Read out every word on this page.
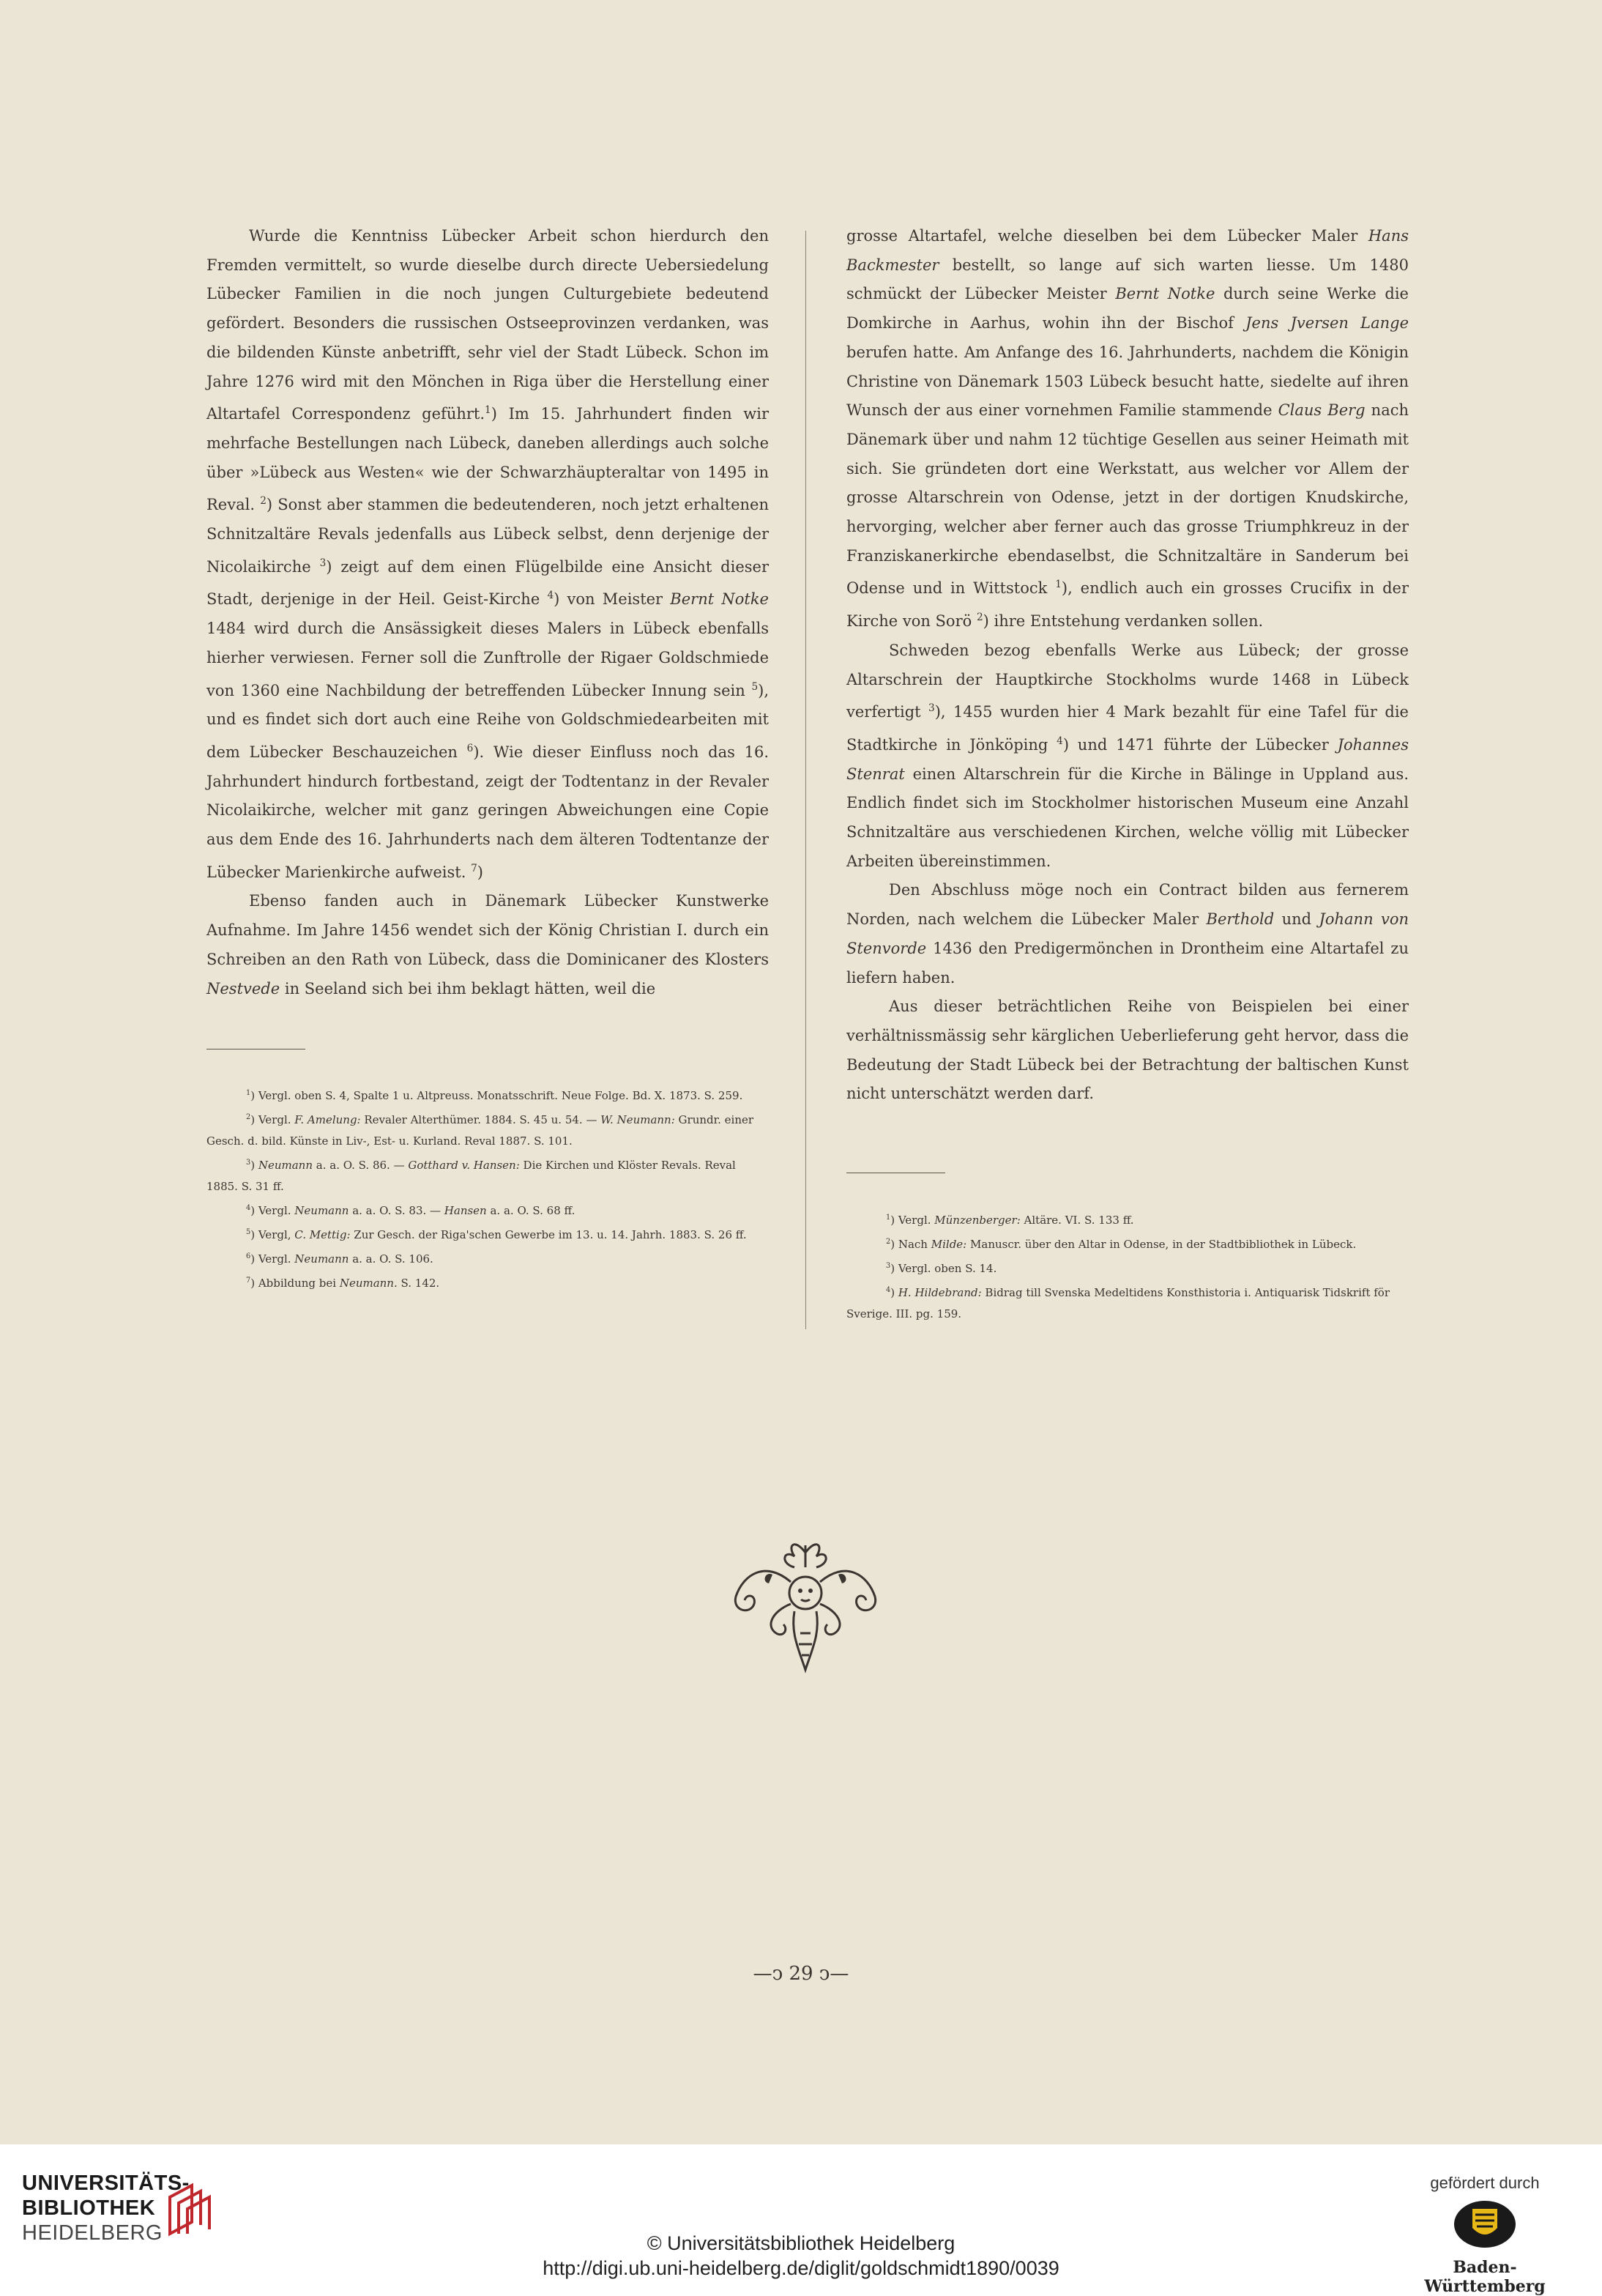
Wurde die Kenntniss Lübecker Arbeit schon hierdurch den Fremden vermittelt, so wurde dieselbe durch directe Uebersiedelung Lübecker Familien in die noch jungen Culturgebiete bedeutend gefördert. Besonders die russischen Ostseeprovinzen verdanken, was die bildenden Künste anbetrifft, sehr viel der Stadt Lübeck. Schon im Jahre 1276 wird mit den Mönchen in Riga über die Herstellung einer Altartafel Correspondenz geführt.$^1$) Im 15. Jahrhundert finden wir mehrfache Bestellungen nach Lübeck, daneben allerdings auch solche über »Lübeck aus Westen« wie der Schwarzhäupteraltar von 1495 in Reval. $^2$) Sonst aber stammen die bedeutenderen, noch jetzt erhaltenen Schnitzaltäre Revals jedenfalls aus Lübeck selbst, denn derjenige der Nicolaikirche $^3$) zeigt auf dem einen Flügelbilde eine Ansicht dieser Stadt, derjenige in der Heil. Geist-Kirche $^4$) von Meister Bernt Notke 1484 wird durch die Ansässigkeit dieses Malers in Lübeck ebenfalls hierher verwiesen. Ferner soll die Zunftrolle der Rigaer Goldschmiede von 1360 eine Nachbildung der betreffenden Lübecker Innung sein $^5$), und es findet sich dort auch eine Reihe von Goldschmiedearbeiten mit dem Lübecker Beschauzeichen $^6$). Wie dieser Einfluss noch das 16. Jahrhundert hindurch fortbestand, zeigt der Todtentanz in der Revaler Nicolaikirche, welcher mit ganz geringen Abweichungen eine Copie aus dem Ende des 16. Jahrhunderts nach dem älteren Todtentanze der Lübecker Marienkirche aufweist. $^7$)

Ebenso fanden auch in Dänemark Lübecker Kunstwerke Aufnahme. Im Jahre 1456 wendet sich der König Christian I. durch ein Schreiben an den Rath von Lübeck, dass die Dominicaner des Klosters Nestvede in Seeland sich bei ihm beklagt hätten, weil die

grosse Altartafel, welche dieselben bei dem Lübecker Maler Hans Backmester bestellt, so lange auf sich warten liesse. Um 1480 schmückt der Lübecker Meister Bernt Notke durch seine Werke die Domkirche in Aarhus, wohin ihn der Bischof Jens Jversen Lange berufen hatte. Am Anfange des 16. Jahrhunderts, nachdem die Königin Christine von Dänemark 1503 Lübeck besucht hatte, siedelte auf ihren Wunsch der aus einer vornehmen Familie stammende Claus Berg nach Dänemark über und nahm 12 tüchtige Gesellen aus seiner Heimath mit sich. Sie gründeten dort eine Werkstatt, aus welcher vor Allem der grosse Altarschrein von Odense, jetzt in der dortigen Knudskirche, hervorging, welcher aber ferner auch das grosse Triumphkreuz in der Franziskanerkirche ebendaselbst, die Schnitzaltäre in Sanderum bei Odense und in Wittstock $^1$), endlich auch ein grosses Crucifix in der Kirche von Sorö $^2$) ihre Entstehung verdanken sollen.

Schweden bezog ebenfalls Werke aus Lübeck; der grosse Altarschrein der Hauptkirche Stockholms wurde 1468 in Lübeck verfertigt $^3$), 1455 wurden hier 4 Mark bezahlt für eine Tafel für die Stadtkirche in Jönköping $^4$) und 1471 führte der Lübecker Johannes Stenrat einen Altarschrein für die Kirche in Bälinge in Uppland aus. Endlich findet sich im Stockholmer historischen Museum eine Anzahl Schnitzaltäre aus verschiedenen Kirchen, welche völlig mit Lübecker Arbeiten übereinstimmen.

Den Abschluss möge noch ein Contract bilden aus fernerem Norden, nach welchem die Lübecker Maler Berthold und Johann von Stenvorde 1436 den Predigermönchen in Drontheim eine Altartafel zu liefern haben.

Aus dieser beträchtlichen Reihe von Beispielen bei einer verhältnissmässig sehr kärglichen Ueberlieferung geht hervor, dass die Bedeutung der Stadt Lübeck bei der Betrachtung der baltischen Kunst nicht unterschätzt werden darf.

$^1$) Vergl. oben S. 4, Spalte 1 u. Altpreuss. Monatsschrift. Neue Folge. Bd. X. 1873. S. 259.

$^2$) Vergl. F. Amelung: Revaler Alterthümer. 1884. S. 45 u. 54. — W. Neumann: Grundr. einer Gesch. d. bild. Künste in Liv-, Est- u. Kurland. Reval 1887. S. 101.

$^3$) Neumann a. a. O. S. 86. — Gotthard v. Hansen: Die Kirchen und Klöster Revals. Reval 1885. S. 31 ff.

$^4$) Vergl. Neumann a. a. O. S. 83. — Hansen a. a. O. S. 68 ff.

$^5$) Vergl, C. Mettig: Zur Gesch. der Riga'schen Gewerbe im 13. u. 14. Jahrh. 1883. S. 26 ff.

$^6$) Vergl. Neumann a. a. O. S. 106.

$^7$) Abbildung bei Neumann. S. 142.

$^1$) Vergl. Münzenberger: Altäre. VI. S. 133 ff.

$^2$) Nach Milde: Manuscr. über den Altar in Odense, in der Stadtbibliothek in Lübeck.

$^3$) Vergl. oben S. 14.

$^4$) H. Hildebrand: Bidrag till Svenska Medeltidens Konsthistoria i. Antiquarisk Tidskrift för Sverige. III. pg. 159.

—ↄ 29 ↄ—
UNIVERSITÄTS-
BIBLIOTHEK
HEIDELBERG	© Universitätsbibliothek Heidelberg
http://digi.ub.uni-heidelberg.de/diglit/goldschmidt1890/0039
gefördert durch
Baden-Württemberg
